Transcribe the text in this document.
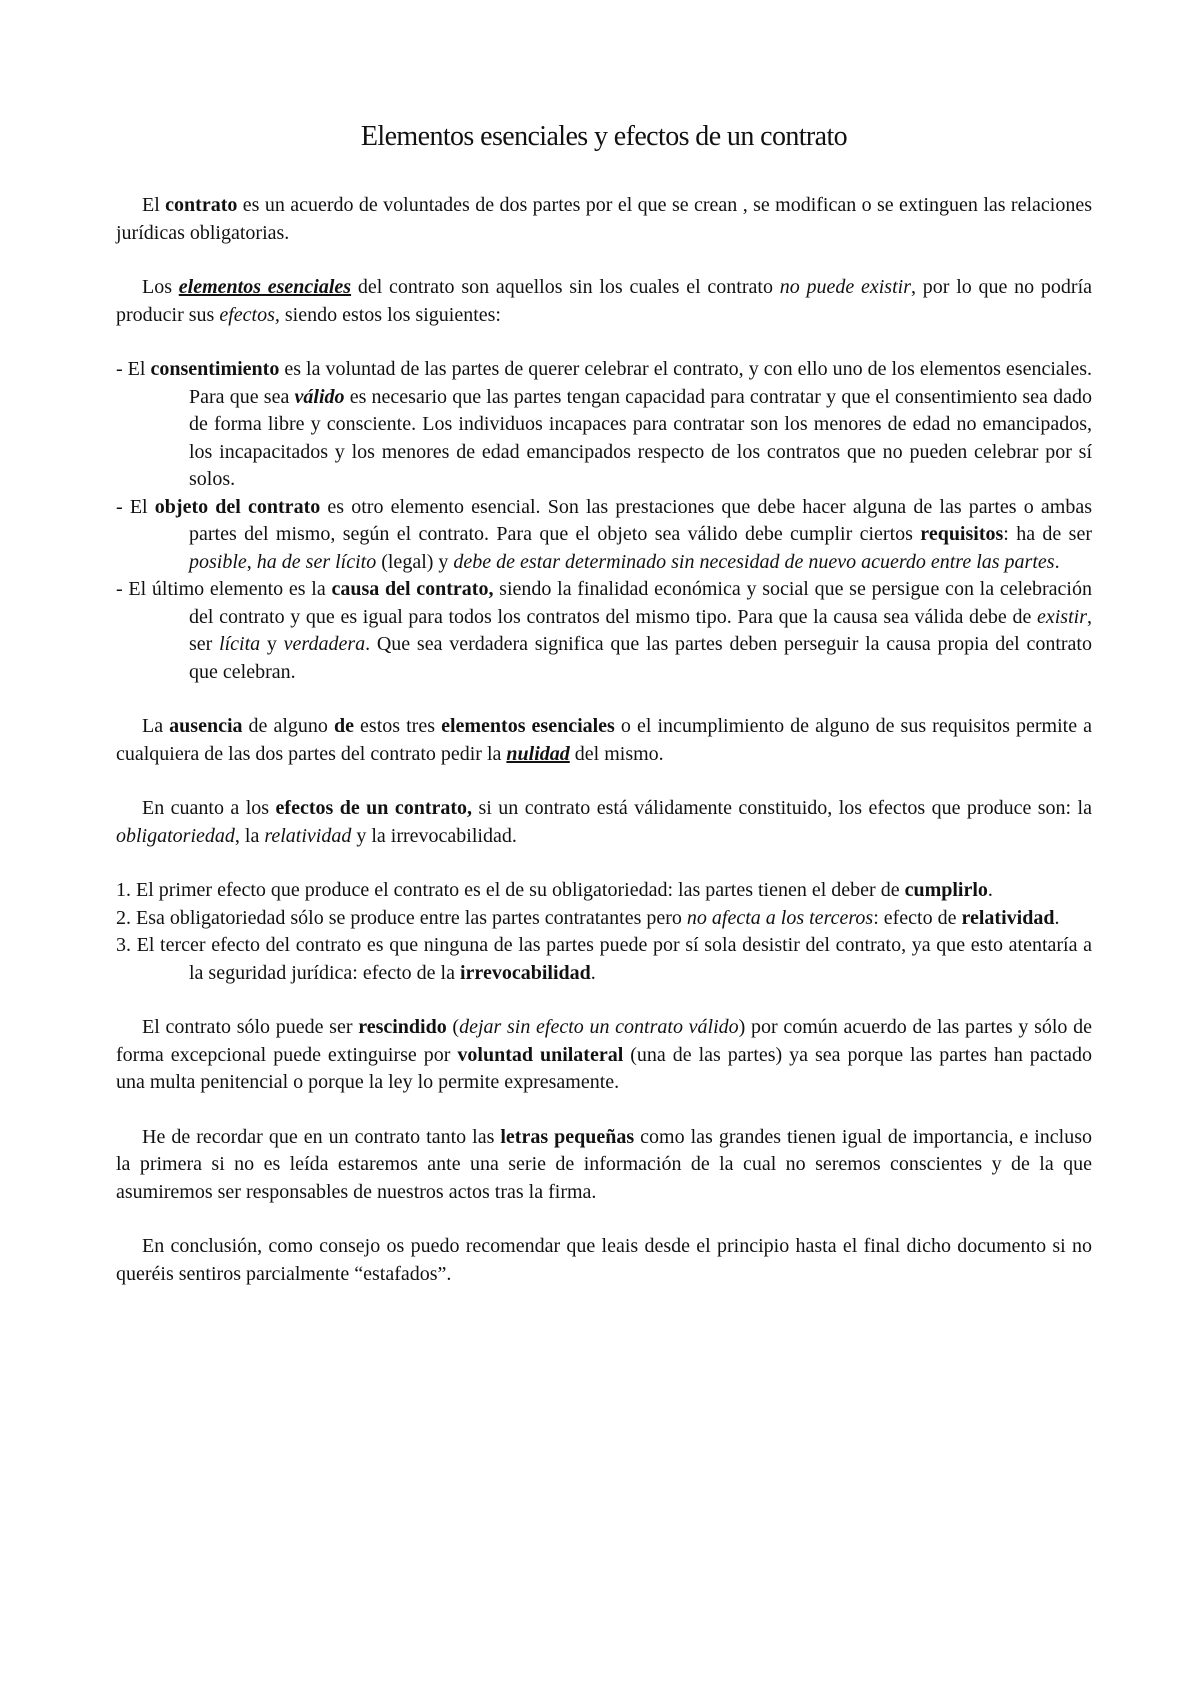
Elementos esenciales y efectos de un contrato

El contrato es un acuerdo de voluntades de dos partes por el que se crean , se modifican o se extinguen las relaciones jurídicas obligatorias.

Los elementos esenciales del contrato son aquellos sin los cuales el contrato no puede existir, por lo que no podría producir sus efectos, siendo estos los siguientes:

- El consentimiento es la voluntad de las partes de querer celebrar el contrato, y con ello uno de los elementos esenciales. Para que sea válido es necesario que las partes tengan capacidad para contratar y que el consentimiento sea dado de forma libre y consciente. Los individuos incapaces para contratar son los menores de edad no emancipados, los incapacitados y los menores de edad emancipados respecto de los contratos que no pueden celebrar por sí solos.

- El objeto del contrato es otro elemento esencial. Son las prestaciones que debe hacer alguna de las partes o ambas partes del mismo, según el contrato. Para que el objeto sea válido debe cumplir ciertos requisitos: ha de ser posible, ha de ser lícito (legal) y debe de estar determinado sin necesidad de nuevo acuerdo entre las partes.

- El último elemento es la causa del contrato, siendo la finalidad económica y social que se persigue con la celebración del contrato y que es igual para todos los contratos del mismo tipo. Para que la causa sea válida debe de existir, ser lícita y verdadera. Que sea verdadera significa que las partes deben perseguir la causa propia del contrato que celebran.

La ausencia de alguno de estos tres elementos esenciales o el incumplimiento de alguno de sus requisitos permite a cualquiera de las dos partes del contrato pedir la nulidad del mismo.

En cuanto a los efectos de un contrato, si un contrato está válidamente constituido, los efectos que produce son: la obligatoriedad, la relatividad y la irrevocabilidad.

1. El primer efecto que produce el contrato es el de su obligatoriedad: las partes tienen el deber de cumplirlo.

2. Esa obligatoriedad sólo se produce entre las partes contratantes pero no afecta a los terceros: efecto de relatividad.

3. El tercer efecto del contrato es que ninguna de las partes puede por sí sola desistir del contrato, ya que esto atentaría a la seguridad jurídica: efecto de la irrevocabilidad.

El contrato sólo puede ser rescindido (dejar sin efecto un contrato válido) por común acuerdo de las partes y sólo de forma excepcional puede extinguirse por voluntad unilateral (una de las partes) ya sea porque las partes han pactado una multa penitencial o porque la ley lo permite expresamente.

He de recordar que en un contrato tanto las letras pequeñas como las grandes tienen igual de importancia, e incluso la primera si no es leída estaremos ante una serie de información de la cual no seremos conscientes y de la que asumiremos ser responsables de nuestros actos tras la firma.

En conclusión, como consejo os puedo recomendar que leais desde el principio hasta el final dicho documento si no queréis sentiros parcialmente “estafados”.
